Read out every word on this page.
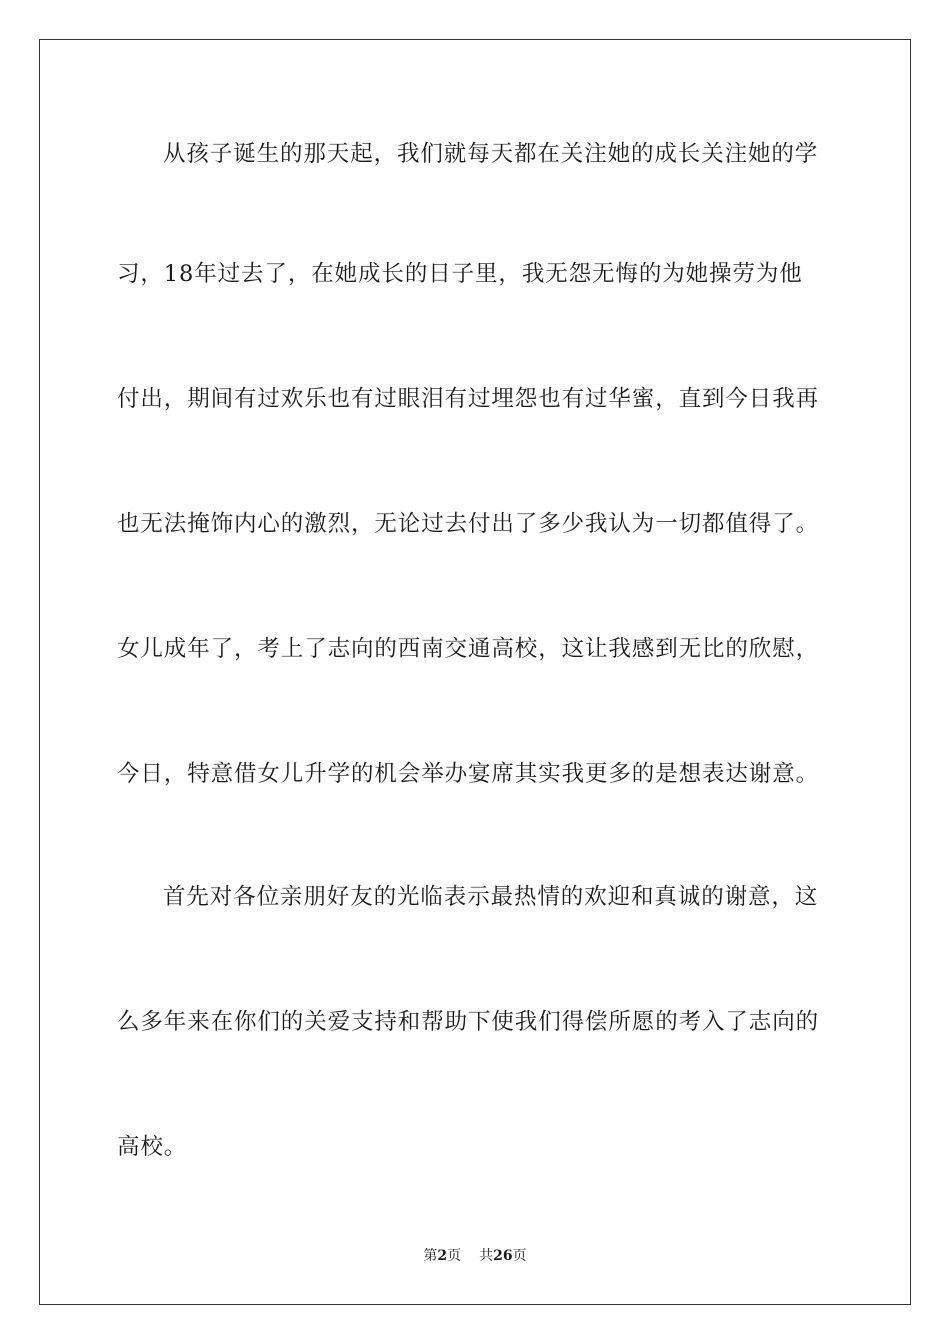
从孩子诞生的那天起，我们就每天都在关注她的成长关注她的学
习，18年过去了，在她成长的日子里，我无怨无悔的为她操劳为他
付出，期间有过欢乐也有过眼泪有过埋怨也有过华蜜，直到今日我再
也无法掩饰内心的激烈，无论过去付出了多少我认为一切都值得了。
女儿成年了，考上了志向的西南交通高校，这让我感到无比的欣慰，
今日，特意借女儿升学的机会举办宴席其实我更多的是想表达谢意。
首先对各位亲朋好友的光临表示最热情的欢迎和真诚的谢意，这
么多年来在你们的关爱支持和帮助下使我们得偿所愿的考入了志向的
高校。
第2页 共26页
